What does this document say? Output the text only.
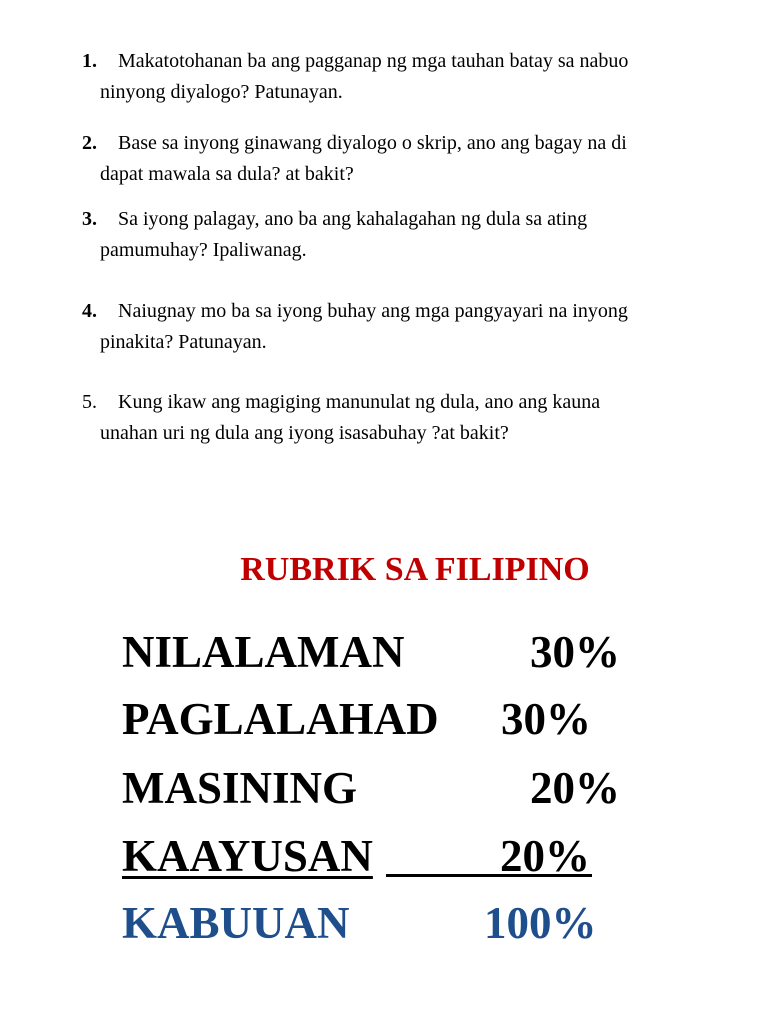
1. Makatotohanan ba ang pagganap ng mga tauhan batay sa nabuo
ninyong diyalogo? Patunayan.
2. Base sa inyong ginawang diyalogo o skrip, ano ang bagay na di
dapat mawala sa dula? at bakit?
3. Sa iyong palagay, ano ba ang kahalagahan ng dula sa ating
pamumuhay? Ipaliwanag.
4. Naiugnay mo ba sa iyong buhay ang mga pangyayari na inyong
pinakita? Patunayan.
5. Kung ikaw ang magiging manunulat ng dula, ano ang kauna
unahan uri ng dula ang iyong isasabuhay ?at bakit?
RUBRIK SA FILIPINO
NILALAMAN	30%
PAGLALAHAD 30%
MASINING	20%
KAAYUSAN	20%
KABUUAN	100%
